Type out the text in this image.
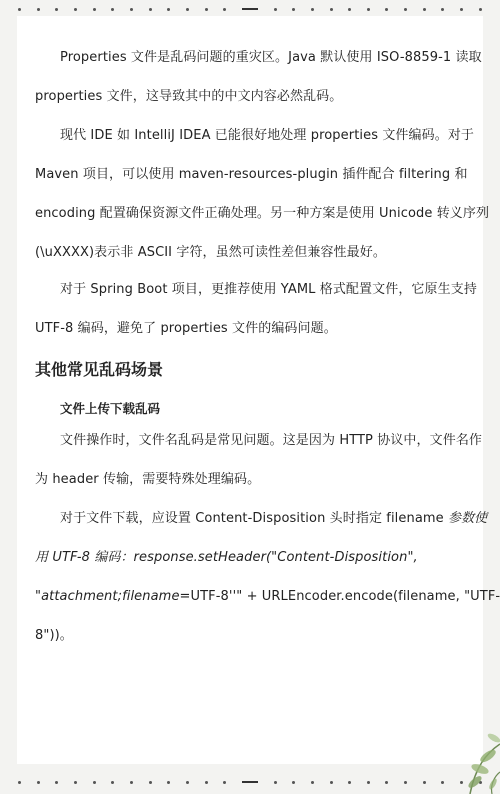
Properties 文件是乱码问题的重灾区。Java 默认使用 ISO-8859-1 读取
properties 文件，这导致其中的中文内容必然乱码。

现代 IDE 如 IntelliJ IDEA 已能很好地处理 properties 文件编码。对于
Maven 项目，可以使用 maven-resources-plugin 插件配合 filtering 和
encoding 配置确保资源文件正确处理。另一种方案是使用 Unicode 转义序列
(\uXXXX)表示非 ASCII 字符，虽然可读性差但兼容性最好。

对于 Spring Boot 项目，更推荐使用 YAML 格式配置文件，它原生支持
UTF-8 编码，避免了 properties 文件的编码问题。

其他常见乱码场景
文件上传下载乱码

文件操作时，文件名乱码是常见问题。这是因为 HTTP 协议中，文件名作
为 header 传输，需要特殊处理编码。

对于文件下载，应设置 Content-Disposition 头时指定 filename 参数使
用 UTF-8 编码：response.setHeader("Content-Disposition",
"attachment;filename=UTF-8''" + URLEncoder.encode(filename, "UTF-
8"))。
